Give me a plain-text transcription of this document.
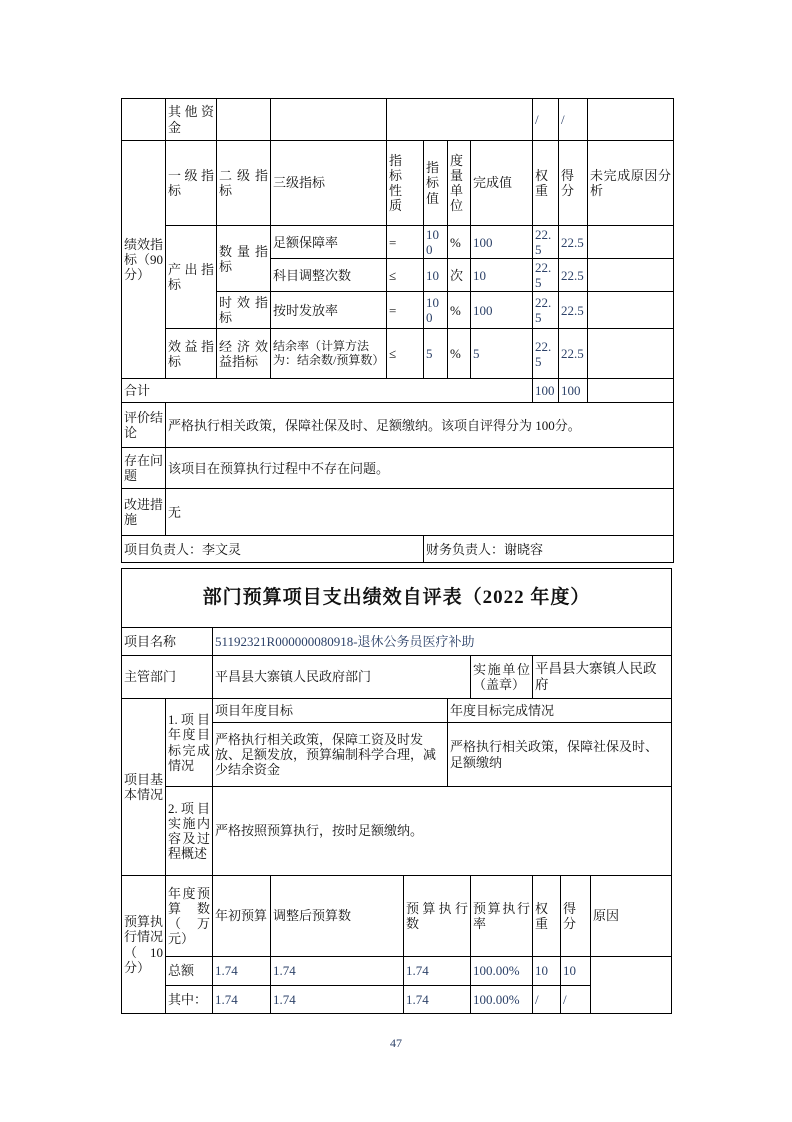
	其他资金							/	/	
绩效指标（90分）	一级指标	二级指标	三级指标	指标性质	指标值	度量单位	完成值	权重	得分	未完成原因分析
	产出指标	数量指标	足额保障率	=	100	%	100	22.5	22.5	
			科目调整次数	≤	10	次	10	22.5	22.5	
		时效指标	按时发放率	=	100	%	100	22.5	22.5	
	效益指标	经济效益指标	结余率（计算方法为：结余数/预算数）	≤	5	%	5	22.5	22.5	
合计								100	100	
评价结论	严格执行相关政策，保障社保及时、足额缴纳。该项自评得分为 100分。									
存在问题	该项目在预算执行过程中不存在问题。									
改进措施	无									
项目负责人：李文灵					财务负责人：谢晓容					
部门预算项目支出绩效自评表（2022 年度）									
项目名称		51192321R000000080918-退休公务员医疗补助							
主管部门		平昌县大寨镇人民政府部门				实施单位（盖章）	平昌县大寨镇人民政府		
项目基本情况	1.项目年度目标完成情况	项目年度目标			年度目标完成情况				
		严格执行相关政策，保障工资及时发放、足额发放，预算编制科学合理，减少结余资金			严格执行相关政策，保障社保及时、足额缴纳				
	2.项目实施内容及过程概述	严格按照预算执行，按时足额缴纳。							
预算执行情况（10分）	年度预算数（万元）	年初预算	调整后预算数	预算执行数		预算执行率	权重	得分	原因
	总额	1.74	1.74	1.74		100.00%	10	10	
	其中：	1.74	1.74	1.74		100.00%	/	/	
47
